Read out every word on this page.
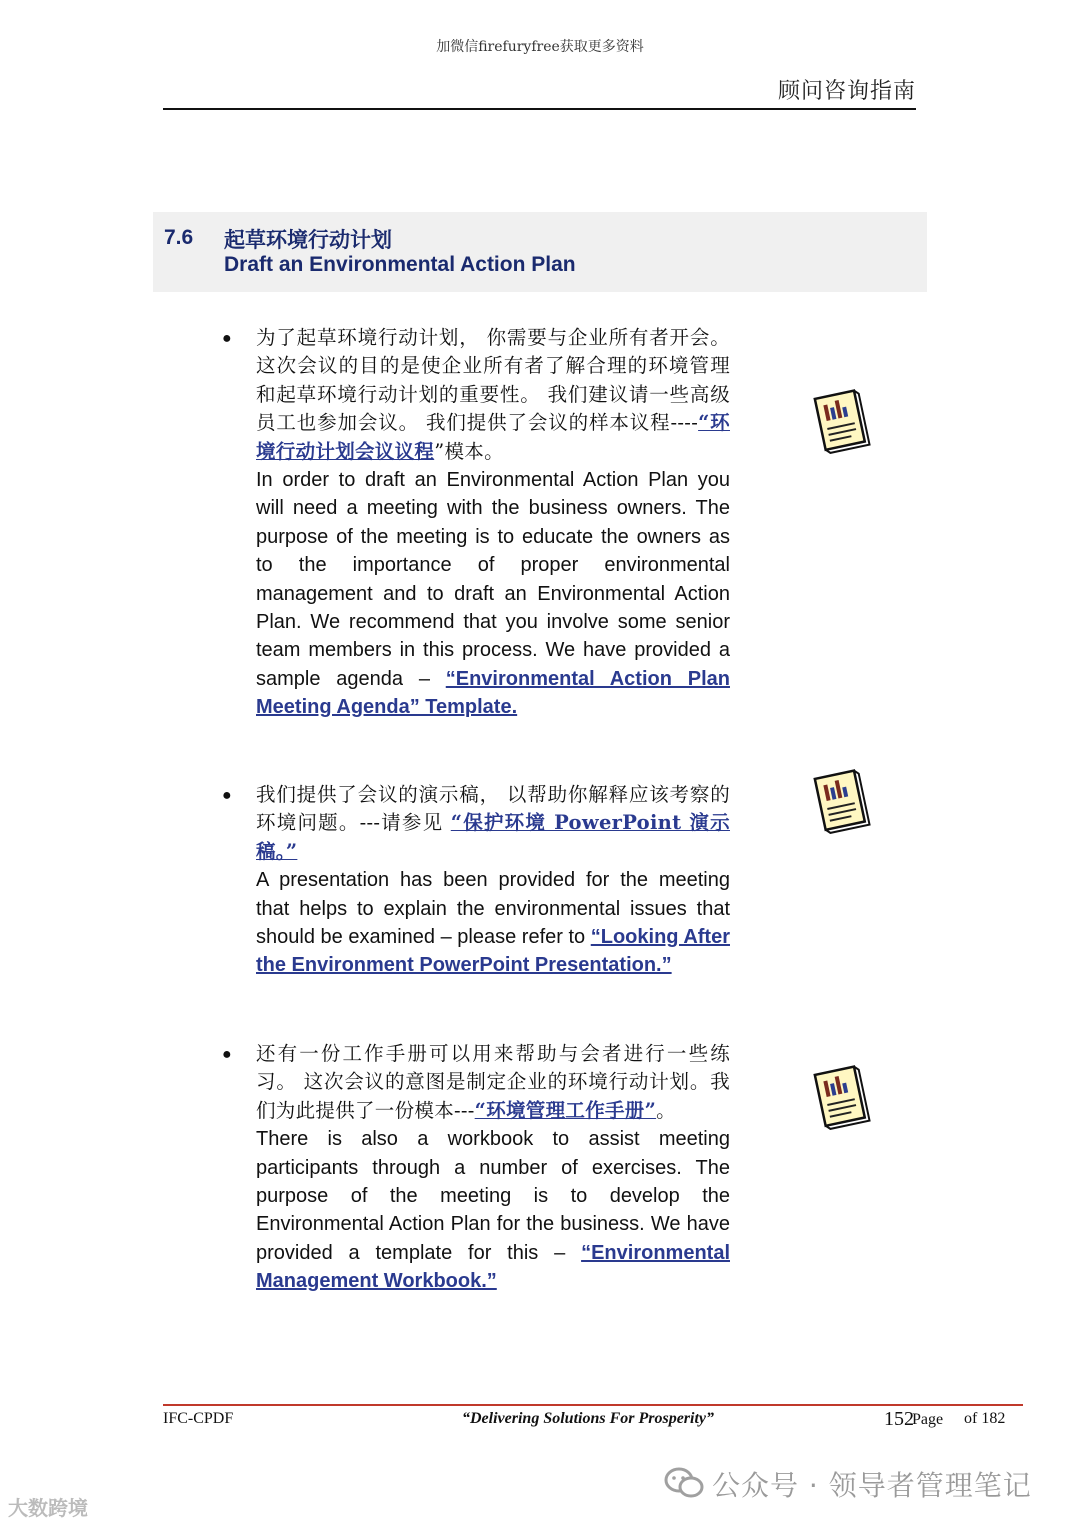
加微信firefuryfree获取更多资料
顾问咨询指南
7.6 起草环境行动计划
Draft an Environmental Action Plan
● 为了起草环境行动计划， 你需要与企业所有者开会。 这次会议的目的是使企业所有者了解合理的环境管理和起草环境行动计划的重要性。 我们建议请一些高级员工也参加会议。 我们提供了会议的样本议程----“环境行动计划会议议程”模本。
In order to draft an Environmental Action Plan you will need a meeting with the business owners. The purpose of the meeting is to educate the owners as to the importance of proper environmental management and to draft an Environmental Action Plan. We recommend that you involve some senior team members in this process. We have provided a sample agenda – “Environmental Action Plan Meeting Agenda” Template.
● 我们提供了会议的演示稿， 以帮助你解释应该考察的环境问题。---请参见 “保护环境 PowerPoint 演示稿。”
A presentation has been provided for the meeting that helps to explain the environmental issues that should be examined – please refer to “Looking After the Environment PowerPoint Presentation.”
● 还有一份工作手册可以用来帮助与会者进行一些练习。 这次会议的意图是制定企业的环境行动计划。我们为此提供了一份模本---“环境管理工作手册”。
There is also a workbook to assist meeting participants through a number of exercises. The purpose of the meeting is to develop the Environmental Action Plan for the business. We have provided a template for this – “Environmental Management Workbook.”
IFC-CPDF	“Delivering Solutions For Prosperity”	152
Page of 182
公众号 · 领导者管理笔记
大数跨境
